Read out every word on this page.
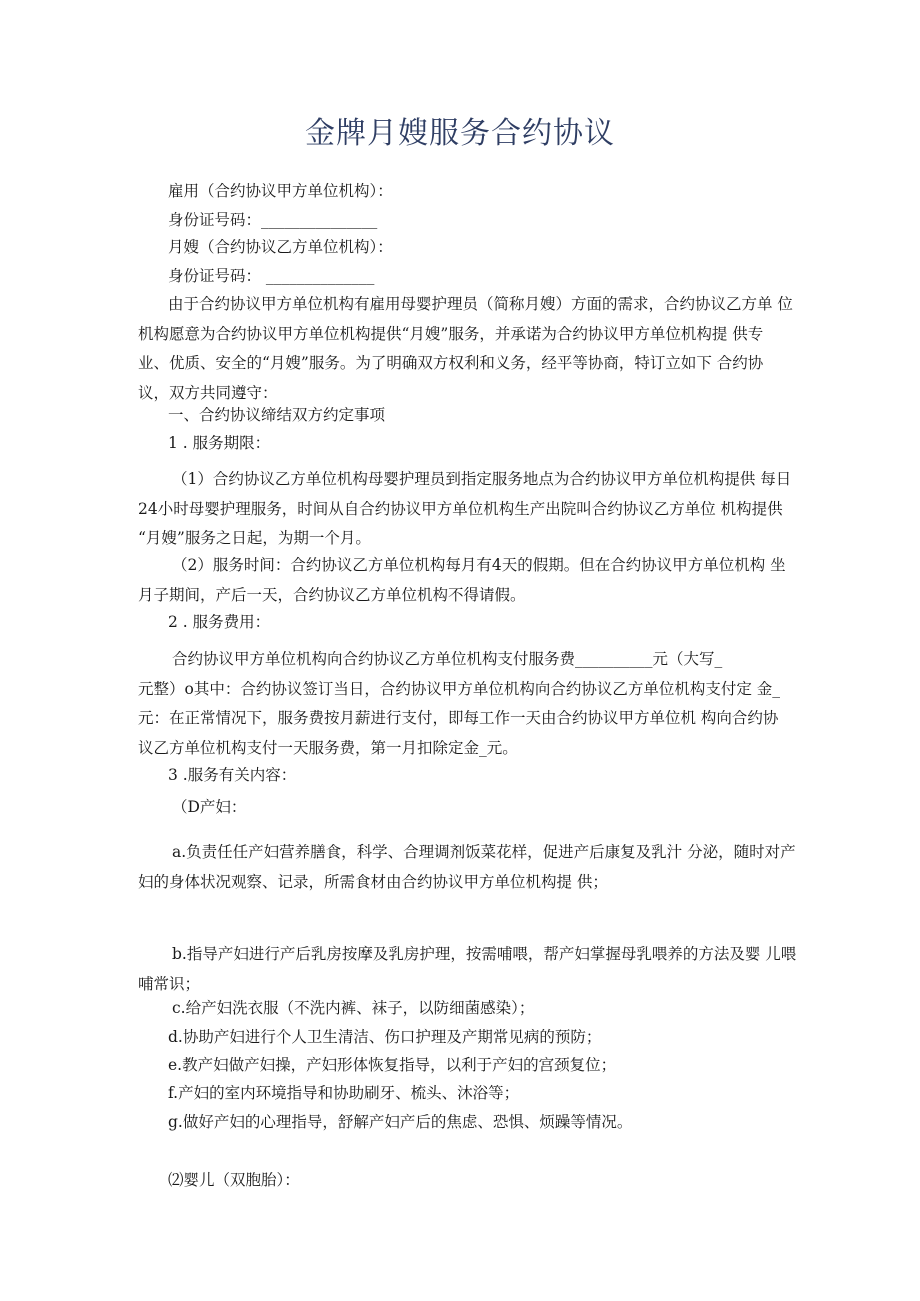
金牌月嫂服务合约协议
雇用（合约协议甲方单位机构）：
身份证号码：_______________
月嫂（合约协议乙方单位机构）：
身份证号码： ______________
由于合约协议甲方单位机构有雇用母婴护理员（简称月嫂）方面的需求，合约协议乙方单 位
机构愿意为合约协议甲方单位机构提供“月嫂”服务，并承诺为合约协议甲方单位机构提 供专
业、优质、安全的“月嫂”服务。为了明确双方权利和义务，经平等协商，特订立如下 合约协
议，双方共同遵守：
一、合约协议缔结双方约定事项
1 . 服务期限：
（1）合约协议乙方单位机构母婴护理员到指定服务地点为合约协议甲方单位机构提供 每日
24小时母婴护理服务，时间从自合约协议甲方单位机构生产出院叫合约协议乙方单位 机构提供
“月嫂”服务之日起，为期一个月。
（2）服务时间：合约协议乙方单位机构每月有4天的假期。但在合约协议甲方单位机构 坐
月子期间，产后一天，合约协议乙方单位机构不得请假。
2 . 服务费用：
合约协议甲方单位机构向合约协议乙方单位机构支付服务费__________元（大写_
元整）o其中：合约协议签订当日，合约协议甲方单位机构向合约协议乙方单位机构支付定 金_
元：在正常情况下，服务费按月薪进行支付，即每工作一天由合约协议甲方单位机 构向合约协
议乙方单位机构支付一天服务费，第一月扣除定金_元。
3 .服务有关内容：
（D产妇：
a.负责任任产妇营养膳食，科学、合理调剂饭菜花样，促进产后康复及乳汁 分泌，随时对产
妇的身体状况观察、记录，所需食材由合约协议甲方单位机构提 供；
b.指导产妇进行产后乳房按摩及乳房护理，按需哺喂，帮产妇掌握母乳喂养的方法及婴 儿喂
哺常识；
c.给产妇洗衣服（不洗内裤、袜子，以防细菌感染）；
d.协助产妇进行个人卫生清洁、伤口护理及产期常见病的预防；
e.教产妇做产妇操，产妇形体恢复指导，以利于产妇的宫颈复位；
f.产妇的室内环境指导和协助刷牙、梳头、沐浴等；
g.做好产妇的心理指导，舒解产妇产后的焦虑、恐惧、烦躁等情况。
⑵婴儿（双胞胎）：
